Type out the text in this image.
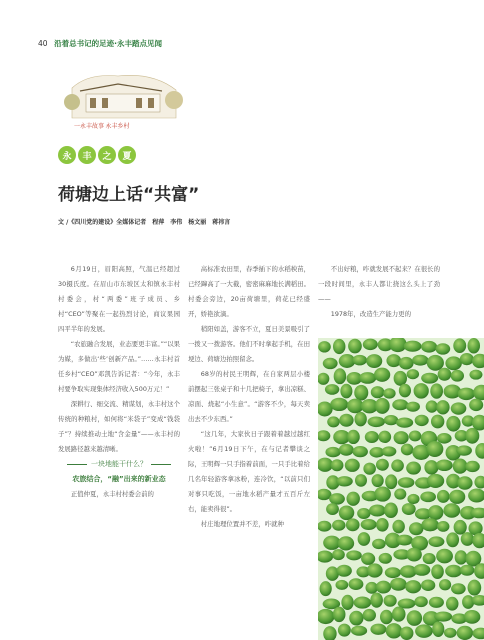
40 沿着总书记的足迹·永丰踏点见闻
一永丰故事 永丰乡村
永	丰	之	夏
荷塘边上话“共富”
文 /《四川党的建设》全媒体记者　程萍　李伟　杨文丽　蒋祎言

6月19日，眉阳高照，气温已经超过30摄氏度。在眉山市东坡区太和镇永丰村村委会，村“两委”班子成员、乡村“CEO”等聚在一起热烈讨论，商议果园四平半年的发展。

“农旅融合发展，业态要更丰富。”“以果为媒，多做出‘些’创新产品。”……永丰村首任乡村“CEO”邓凯告诉记者：“今年，永丰村要争取实现集体经济收入500万元！”

深耕行、细交流、精谋划，永丰村这个传统的种粮村，如何将“米袋子”变成“钱袋子”？持续推动土地“含金量”——永丰村的发展路径越来越清晰。

一块地能干什么？

农旅结合，“融”出来的新业态

正值仲夏，永丰村村委会前的

高标准农田里，春季插下的水稻秧苗，已经蹿高了一大截，密密麻麻地长满稻田。村委会旁边，20亩荷塘里，荷花已经盛开，娇艳欲滴。

稍阳如盖，游客不立，夏日美景吸引了一拨又一拨游客。他们不时拿起手机，在田埂边、荷塘边拍照留念。

68岁的村民王明辉，在自家两层小楼前摆起三张桌子和十几把椅子，拿出凉糕、凉面、烧起“小生意”。“游客不少，每天卖出去不少东西。”

“这几年，大家伙日子跟着着越过越红火啦！”6月19日下午，在与记者攀谈之际，王明辉一只手指着前面，一只手比着给几名年轻游客拿冰粉，连冷饮，“以前只们对事只吃饭，一亩地水稻产量才五百斤左右，能卖得很”。

村庄地理位置并不差，咋就种

不出好粮，咋就发展不起来？在很长的一段时间里，永丰人都让挠这么头上了劲——

1978年，改造生产能力更的
